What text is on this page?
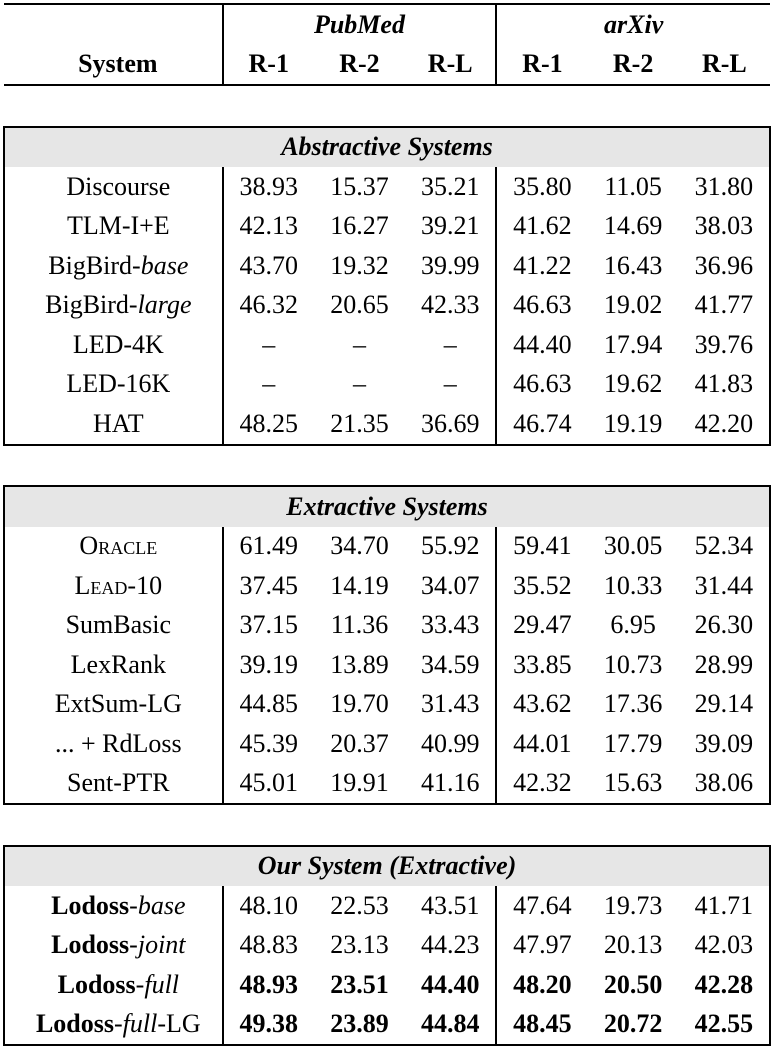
	PubMed			arXiv		
System	R-1	R-2	R-L	R-1	R-2	R-L

Abstractive Systems						
Discourse	38.93	15.37	35.21	35.80	11.05	31.80
TLM-I+E	42.13	16.27	39.21	41.62	14.69	38.03
BigBird-base	43.70	19.32	39.99	41.22	16.43	36.96
BigBird-large	46.32	20.65	42.33	46.63	19.02	41.77
LED-4K	–	–	–	44.40	17.94	39.76
LED-16K	–	–	–	46.63	19.62	41.83
HAT	48.25	21.35	36.69	46.74	19.19	42.20

Extractive Systems						
Oracle	61.49	34.70	55.92	59.41	30.05	52.34
Lead-10	37.45	14.19	34.07	35.52	10.33	31.44
SumBasic	37.15	11.36	33.43	29.47	6.95	26.30
LexRank	39.19	13.89	34.59	33.85	10.73	28.99
ExtSum-LG	44.85	19.70	31.43	43.62	17.36	29.14
... + RdLoss	45.39	20.37	40.99	44.01	17.79	39.09
Sent-PTR	45.01	19.91	41.16	42.32	15.63	38.06

Our System (Extractive)						
Lodoss-base	48.10	22.53	43.51	47.64	19.73	41.71
Lodoss-joint	48.83	23.13	44.23	47.97	20.13	42.03
Lodoss-full	48.93	23.51	44.40	48.20	20.50	42.28
Lodoss-full-LG	49.38	23.89	44.84	48.45	20.72	42.55
